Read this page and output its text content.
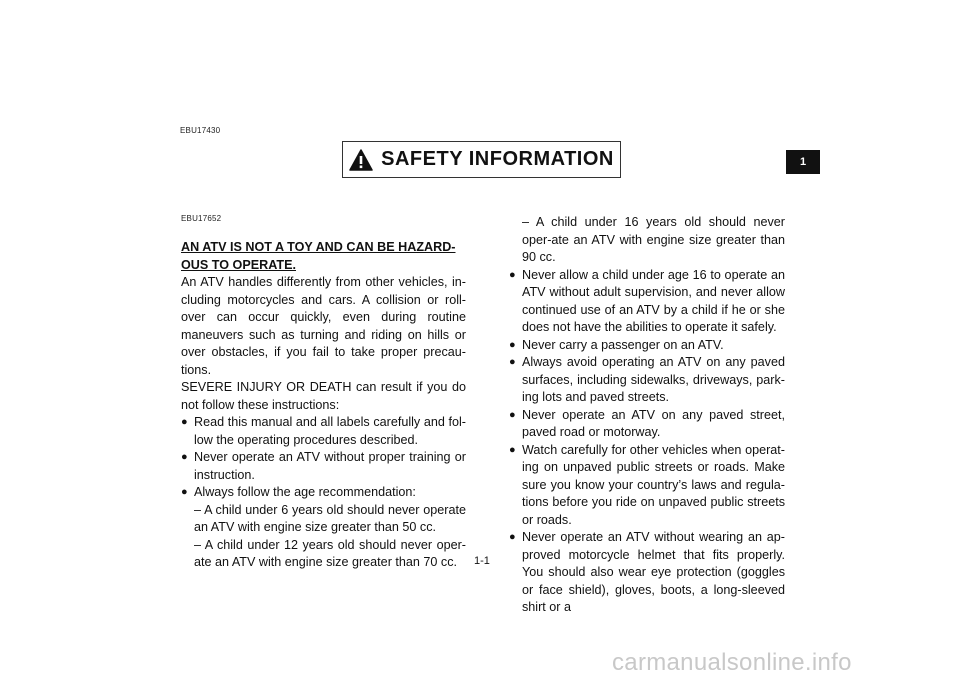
EBU17430
SAFETY INFORMATION	1
EBU17652

AN ATV IS NOT A TOY AND CAN BE HAZARD-OUS TO OPERATE.

An ATV handles differently from other vehicles, in-cluding motorcycles and cars. A collision or roll-over can occur quickly, even during routine maneuvers such as turning and riding on hills or over obstacles, if you fail to take proper precau-tions.
SEVERE INJURY OR DEATH can result if you do not follow these instructions:
● Read this manual and all labels carefully and fol-low the operating procedures described.
● Never operate an ATV without proper training or instruction.
● Always follow the age recommendation:
– A child under 6 years old should never operate an ATV with engine size greater than 50 cc.
– A child under 12 years old should never oper-ate an ATV with engine size greater than 70 cc.
– A child under 16 years old should never oper-ate an ATV with engine size greater than 90 cc.
● Never allow a child under age 16 to operate an ATV without adult supervision, and never allow continued use of an ATV by a child if he or she does not have the abilities to operate it safely.
● Never carry a passenger on an ATV.
● Always avoid operating an ATV on any paved surfaces, including sidewalks, driveways, park-ing lots and paved streets.
● Never operate an ATV on any paved street, paved road or motorway.
● Watch carefully for other vehicles when operat-ing on unpaved public streets or roads. Make sure you know your country’s laws and regula-tions before you ride on unpaved public streets or roads.
● Never operate an ATV without wearing an ap-proved motorcycle helmet that fits properly. You should also wear eye protection (goggles or face shield), gloves, boots, a long-sleeved shirt or a
1-1
carmanualsonline.info
